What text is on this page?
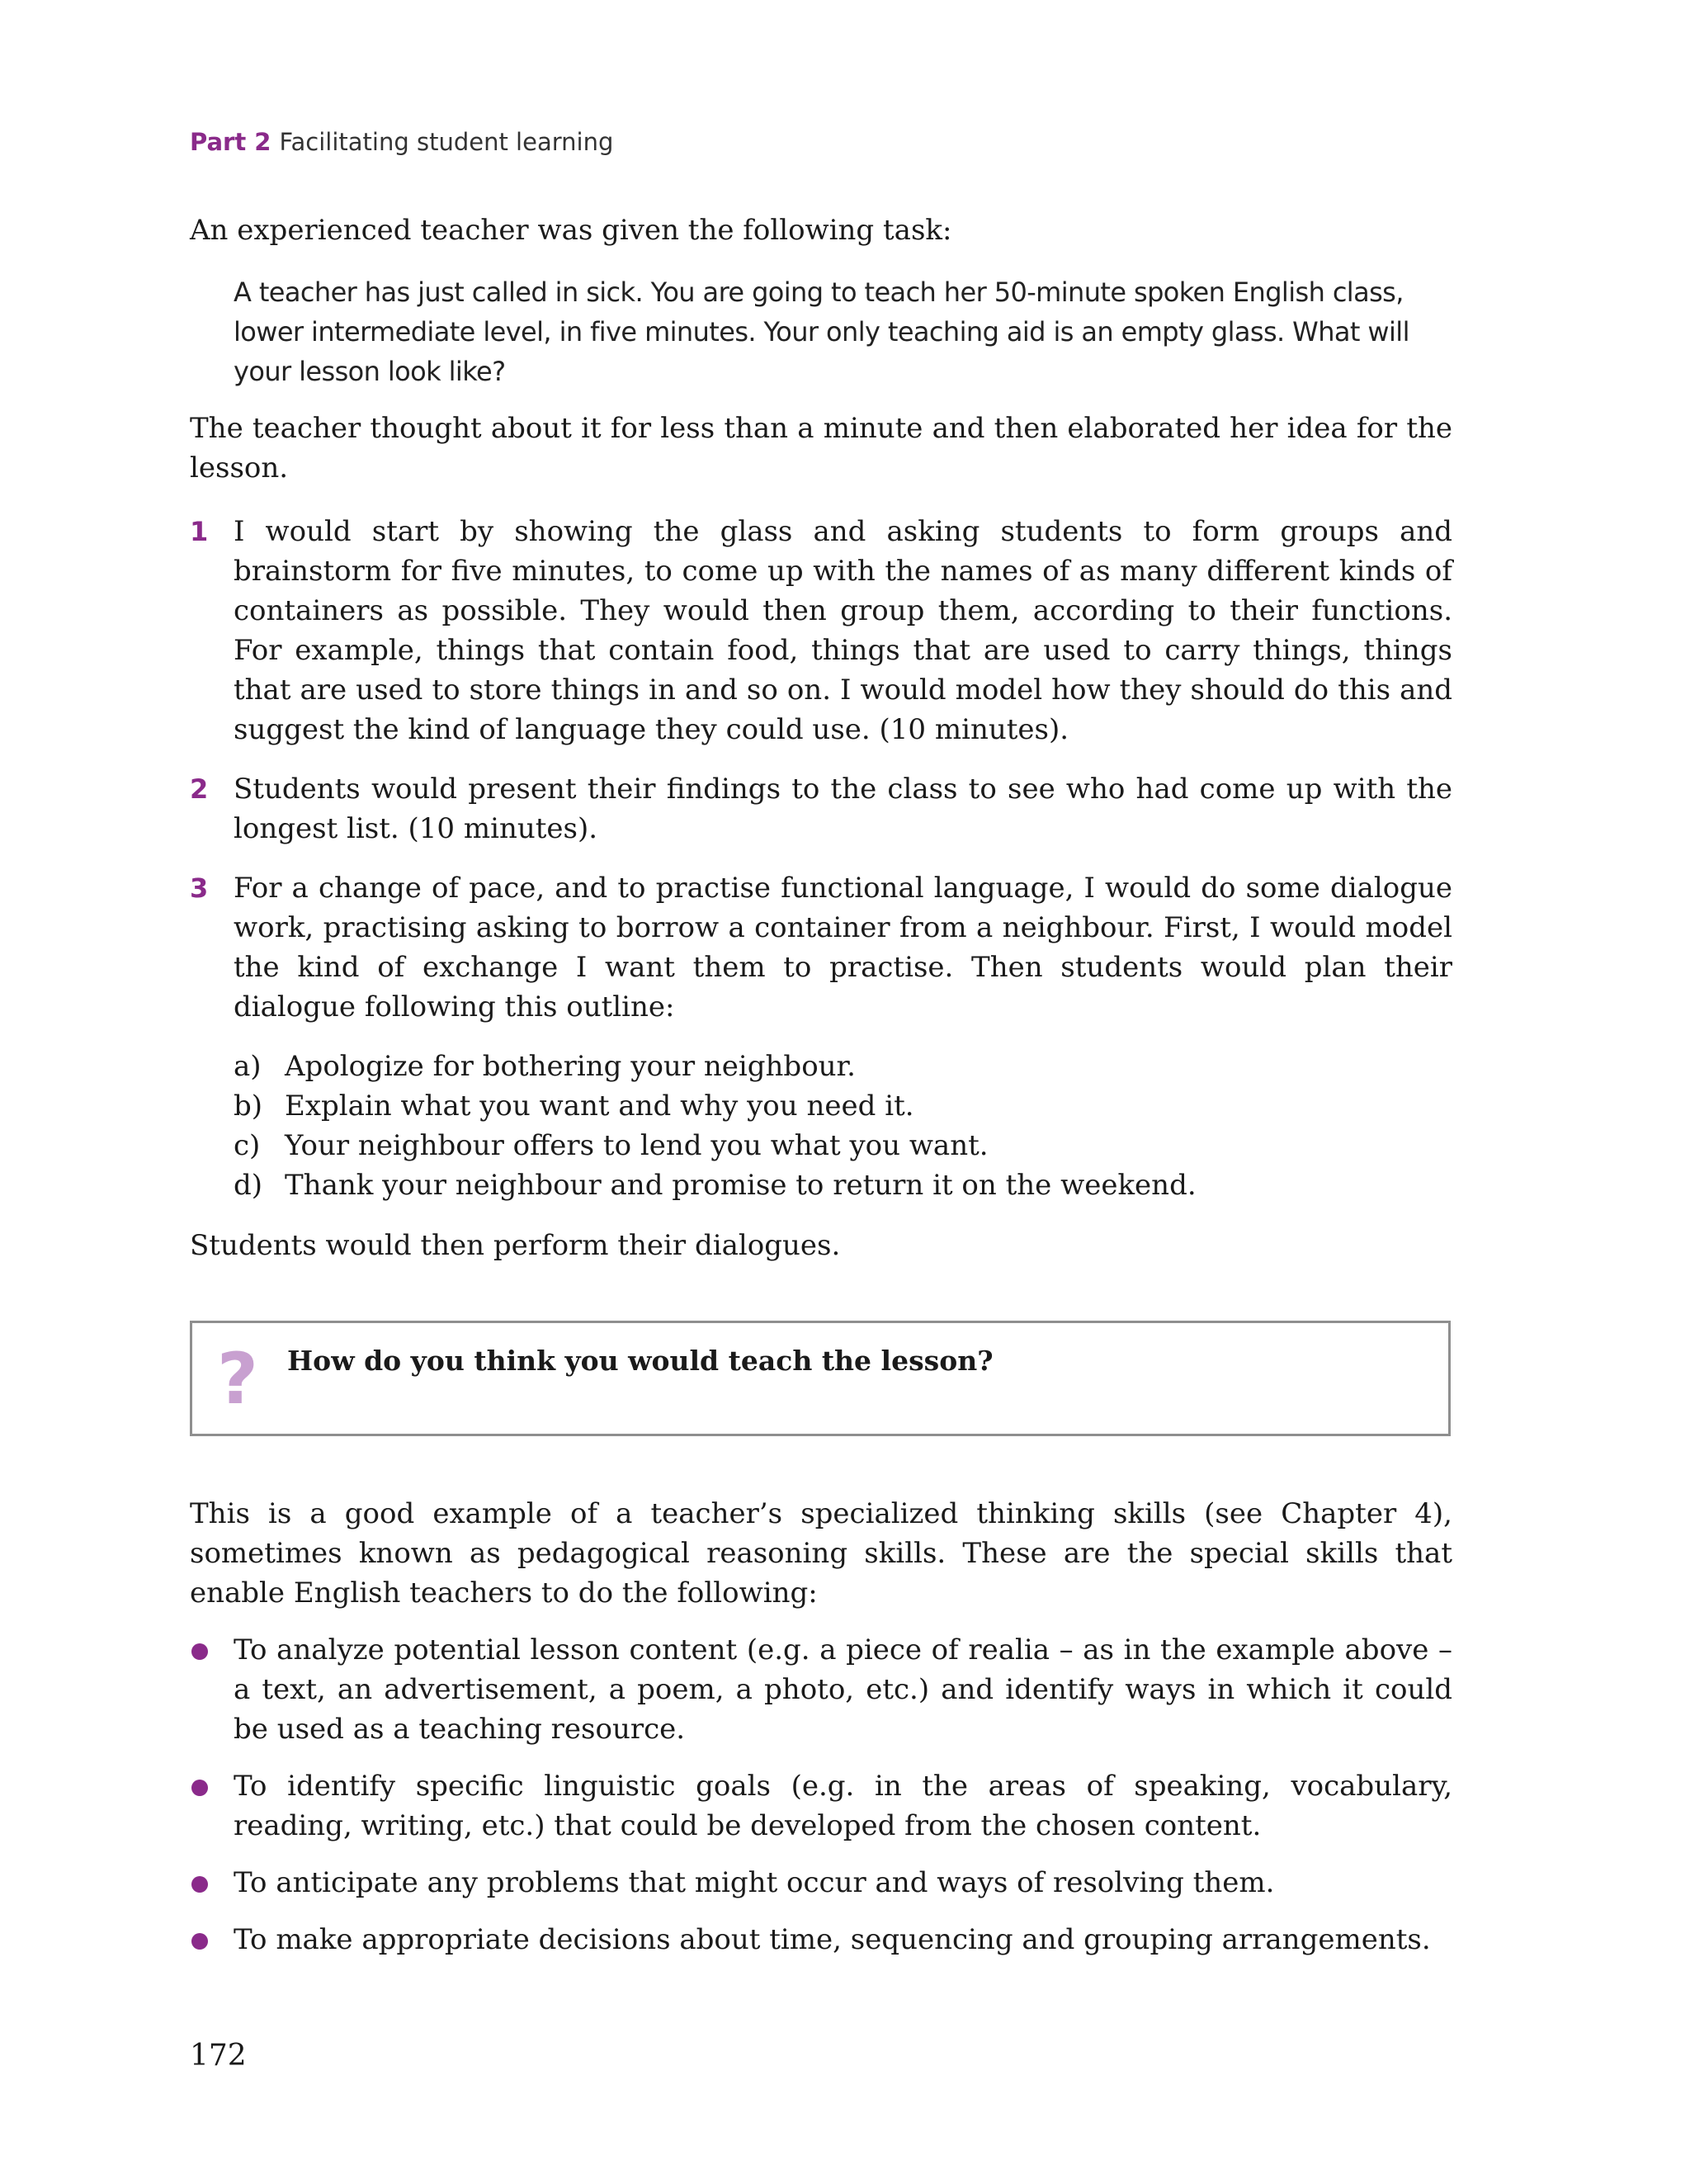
Part 2 Facilitating student learning
An experienced teacher was given the following task:
A teacher has just called in sick. You are going to teach her 50-minute spoken English class, lower intermediate level, in five minutes. Your only teaching aid is an empty glass. What will your lesson look like?
The teacher thought about it for less than a minute and then elaborated her idea for the lesson.
1 I would start by showing the glass and asking students to form groups and brainstorm for five minutes, to come up with the names of as many different kinds of containers as possible. They would then group them, according to their functions. For example, things that contain food, things that are used to carry things, things that are used to store things in and so on. I would model how they should do this and suggest the kind of language they could use. (10 minutes).
2 Students would present their findings to the class to see who had come up with the longest list. (10 minutes).
3 For a change of pace, and to practise functional language, I would do some dialogue work, practising asking to borrow a container from a neighbour. First, I would model the kind of exchange I want them to practise. Then students would plan their dialogue following this outline:
a) Apologize for bothering your neighbour.
b) Explain what you want and why you need it.
c) Your neighbour offers to lend you what you want.
d) Thank your neighbour and promise to return it on the weekend.
Students would then perform their dialogues.
? How do you think you would teach the lesson?
This is a good example of a teacher’s specialized thinking skills (see Chapter 4), sometimes known as pedagogical reasoning skills. These are the special skills that enable English teachers to do the following:
To analyze potential lesson content (e.g. a piece of realia – as in the example above – a text, an advertisement, a poem, a photo, etc.) and identify ways in which it could be used as a teaching resource.
To identify specific linguistic goals (e.g. in the areas of speaking, vocabulary, reading, writing, etc.) that could be developed from the chosen content.
To anticipate any problems that might occur and ways of resolving them.
To make appropriate decisions about time, sequencing and grouping arrangements.
172
